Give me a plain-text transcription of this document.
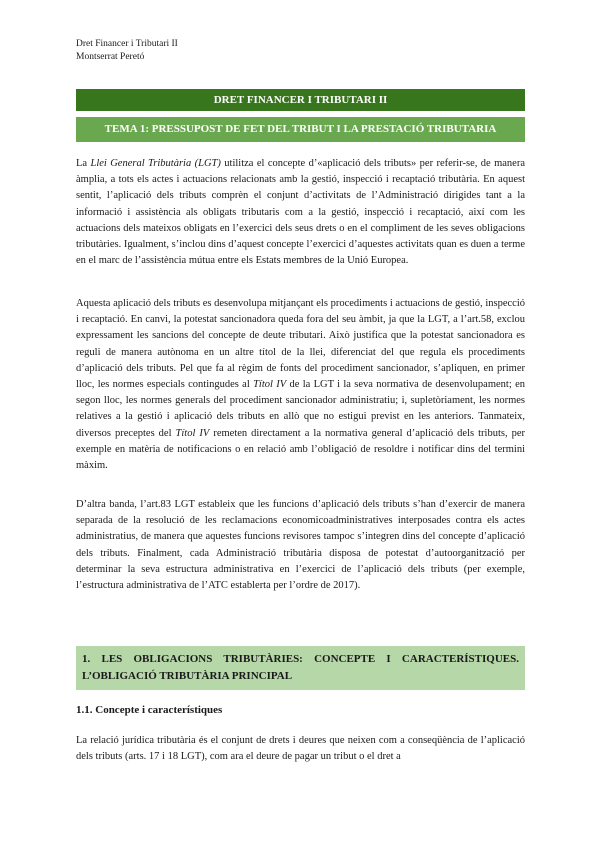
Dret Financer i Tributari II
Montserrat Peretó
DRET FINANCER I TRIBUTARI II
TEMA 1: PRESSUPOST DE FET DEL TRIBUT I LA PRESTACIÓ TRIBUTARIA

La Llei General Tributària (LGT) utilitza el concepte d’«aplicació dels tributs» per referir-se, de manera àmplia, a tots els actes i actuacions relacionats amb la gestió, inspecció i recaptació tributària. En aquest sentit, l’aplicació dels tributs comprèn el conjunt d’activitats de l’Administració dirigides tant a la informació i assistència als obligats tributaris com a la gestió, inspecció i recaptació, així com les actuacions dels mateixos obligats en l’exercici dels seus drets o en el compliment de les seves obligacions tributàries. Igualment, s’inclou dins d’aquest concepte l’exercici d’aquestes activitats quan es duen a terme en el marc de l’assistència mútua entre els Estats membres de la Unió Europea.

Aquesta aplicació dels tributs es desenvolupa mitjançant els procediments i actuacions de gestió, inspecció i recaptació. En canvi, la potestat sancionadora queda fora del seu àmbit, ja que la LGT, a l’art.58, exclou expressament les sancions del concepte de deute tributari. Això justifica que la potestat sancionadora es reguli de manera autònoma en un altre títol de la llei, diferenciat del que regula els procediments d’aplicació dels tributs. Pel que fa al règim de fonts del procediment sancionador, s’apliquen, en primer lloc, les normes especials contingudes al Títol IV de la LGT i la seva normativa de desenvolupament; en segon lloc, les normes generals del procediment sancionador administratiu; i, supletòriament, les normes relatives a la gestió i aplicació dels tributs en allò que no estigui previst en les anteriors. Tanmateix, diversos preceptes del Títol IV remeten directament a la normativa general d’aplicació dels tributs, per exemple en matèria de notificacions o en relació amb l’obligació de resoldre i notificar dins del termini màxim.

D’altra banda, l’art.83 LGT estableix que les funcions d’aplicació dels tributs s’han d’exercir de manera separada de la resolució de les reclamacions economicoadministratives interposades contra els actes administratius, de manera que aquestes funcions revisores tampoc s’integren dins del concepte d’aplicació dels tributs. Finalment, cada Administració tributària disposa de potestat d’autoorganització per determinar la seva estructura administrativa en l’exercici de l’aplicació dels tributs (per exemple, l’estructura administrativa de l’ATC establerta per l’ordre de 2017).

1. LES OBLIGACIONS TRIBUTÀRIES: CONCEPTE I CARACTERÍSTIQUES. L’OBLIGACIÓ TRIBUTÀRIA PRINCIPAL
1.1. Concepte i característiques

La relació jurídica tributària és el conjunt de drets i deures que neixen com a conseqüència de l’aplicació dels tributs (arts. 17 i 18 LGT), com ara el deure de pagar un tribut o el dret a
